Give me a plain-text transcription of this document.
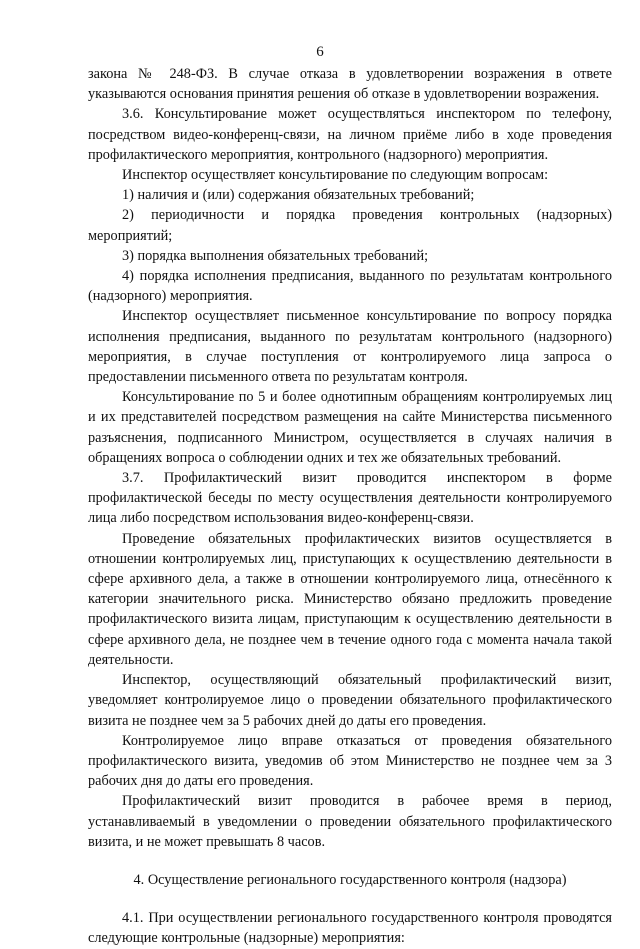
6

закона № 248-ФЗ. В случае отказа в удовлетворении возражения в ответе указываются основания принятия решения об отказе в удовлетворении возражения.

3.6. Консультирование может осуществляться инспектором по телефону, посредством видео-конференц-связи, на личном приёме либо в ходе проведения профилактического мероприятия, контрольного (надзорного) мероприятия.

Инспектор осуществляет консультирование по следующим вопросам:

1) наличия и (или) содержания обязательных требований;

2) периодичности и порядка проведения контрольных (надзорных) мероприятий;

3) порядка выполнения обязательных требований;

4) порядка исполнения предписания, выданного по результатам контрольного (надзорного) мероприятия.

Инспектор осуществляет письменное консультирование по вопросу порядка исполнения предписания, выданного по результатам контрольного (надзорного) мероприятия, в случае поступления от контролируемого лица запроса о предоставлении письменного ответа по результатам контроля.

Консультирование по 5 и более однотипным обращениям контролируемых лиц и их представителей посредством размещения на сайте Министерства письменного разъяснения, подписанного Министром, осуществляется в случаях наличия в обращениях вопроса о соблюдении одних и тех же обязательных требований.

3.7. Профилактический визит проводится инспектором в форме профилактической беседы по месту осуществления деятельности контролируемого лица либо посредством использования видео-конференц-связи.

Проведение обязательных профилактических визитов осуществляется в отношении контролируемых лиц, приступающих к осуществлению деятельности в сфере архивного дела, а также в отношении контролируемого лица, отнесённого к категории значительного риска. Министерство обязано предложить проведение профилактического визита лицам, приступающим к осуществлению деятельности в сфере архивного дела, не позднее чем в течение одного года с момента начала такой деятельности.

Инспектор, осуществляющий обязательный профилактический визит, уведомляет контролируемое лицо о проведении обязательного профилактического визита не позднее чем за 5 рабочих дней до даты его проведения.

Контролируемое лицо вправе отказаться от проведения обязательного профилактического визита, уведомив об этом Министерство не позднее чем за 3 рабочих дня до даты его проведения.

Профилактический визит проводится в рабочее время в период, устанавливаемый в уведомлении о проведении обязательного профилактического визита, и не может превышать 8 часов.

4. Осуществление регионального государственного контроля (надзора)

4.1. При осуществлении регионального государственного контроля проводятся следующие контрольные (надзорные) мероприятия:
